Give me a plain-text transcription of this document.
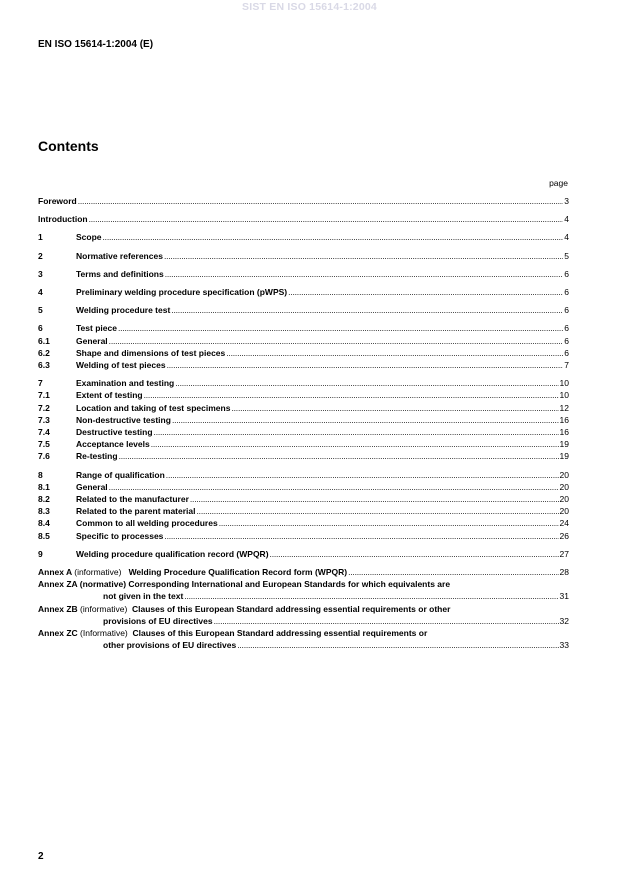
SIST EN ISO 15614-1:2004
EN ISO 15614-1:2004 (E)
Contents
page
Foreword .....	3
Introduction .....	4
1	Scope .....	4
2	Normative references .....	5
3	Terms and definitions .....	6
4	Preliminary welding procedure specification (pWPS) .....	6
5	Welding procedure test .....	6
6	Test piece .....	6
6.1	General .....	6
6.2	Shape and dimensions of test pieces .....	6
6.3	Welding of test pieces .....	7
7	Examination and testing .....	10
7.1	Extent of testing .....	10
7.2	Location and taking of test specimens .....	12
7.3	Non-destructive testing .....	16
7.4	Destructive testing .....	16
7.5	Acceptance levels .....	19
7.6	Re-testing .....	19
8	Range of qualification .....	20
8.1	General .....	20
8.2	Related to the manufacturer .....	20
8.3	Related to the parent material .....	20
8.4	Common to all welding procedures .....	24
8.5	Specific to processes .....	26
9	Welding procedure qualification record (WPQR) .....	27
Annex A (informative) Welding Procedure Qualification Record form (WPQR) .....	28
Annex ZA (normative) Corresponding International and European Standards for which equivalents are
not given in the text .....	31
Annex ZB (informative) Clauses of this European Standard addressing essential requirements or other
provisions of EU directives .....	32
Annex ZC (Informative) Clauses of this European Standard addressing essential requirements or
other provisions of EU directives .....	33
2
